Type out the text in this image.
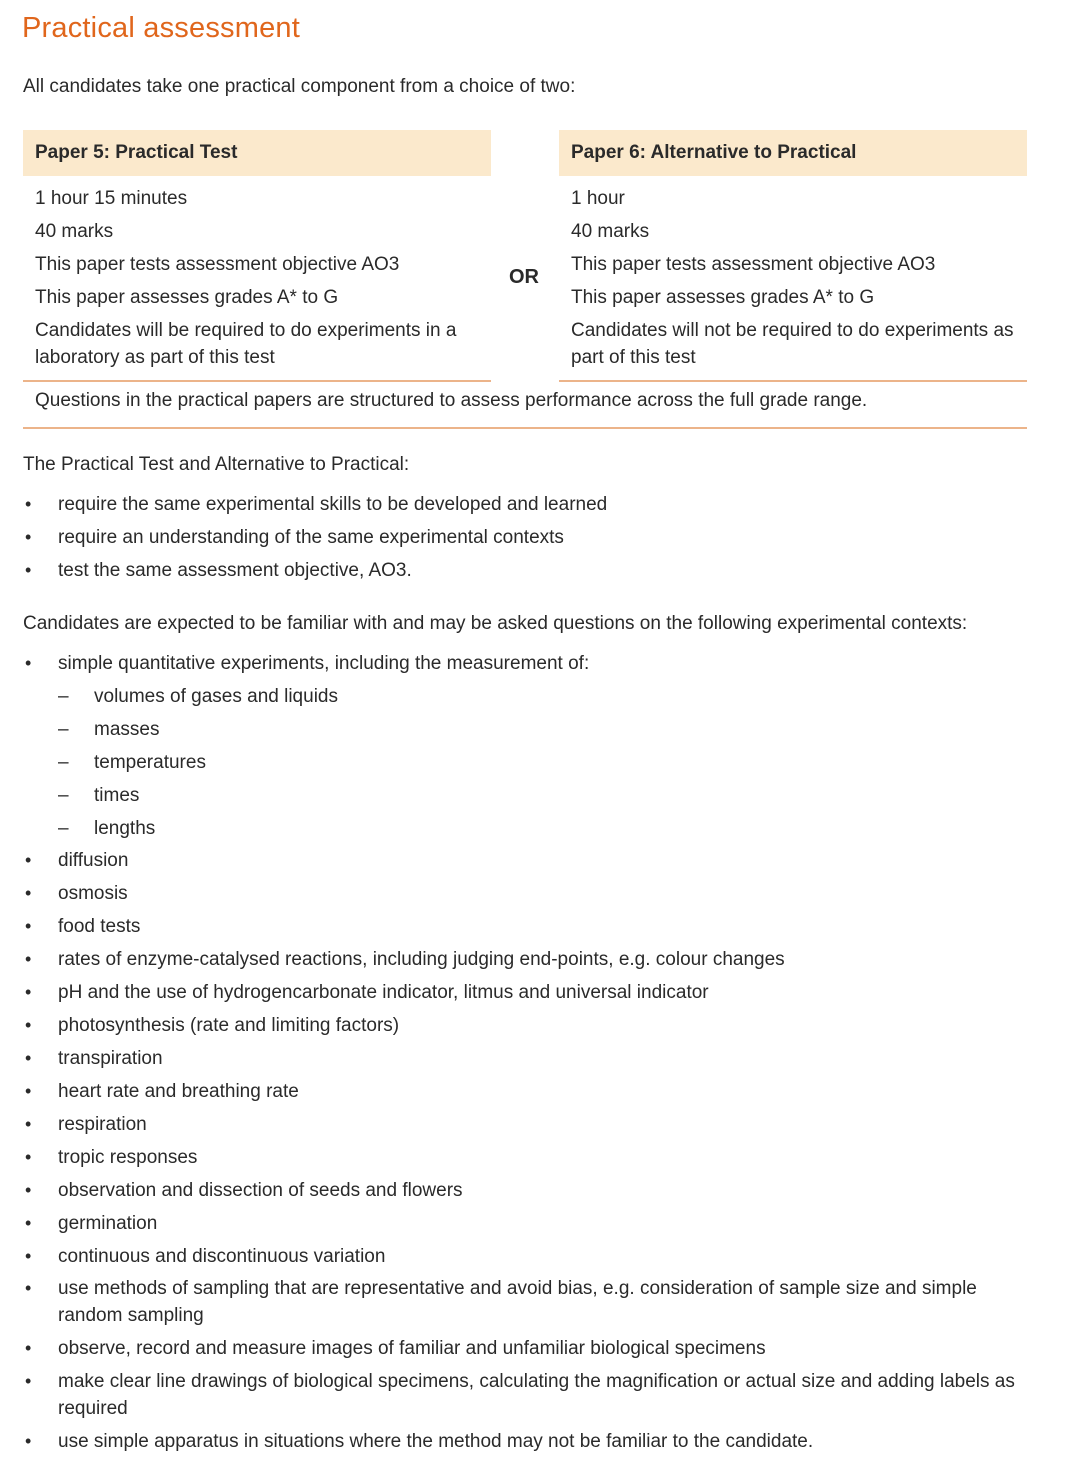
Practical assessment

All candidates take one practical component from a choice of two:

Paper 5: Practical Test
1 hour 15 minutes
40 marks
This paper tests assessment objective AO3
This paper assesses grades A* to G
Candidates will be required to do experiments in a laboratory as part of this test
OR
Paper 6: Alternative to Practical
1 hour
40 marks
This paper tests assessment objective AO3
This paper assesses grades A* to G
Candidates will not be required to do experiments as part of this test
Questions in the practical papers are structured to assess performance across the full grade range.

The Practical Test and Alternative to Practical:

• require the same experimental skills to be developed and learned
• require an understanding of the same experimental contexts
• test the same assessment objective, AO3.

Candidates are expected to be familiar with and may be asked questions on the following experimental contexts:

• simple quantitative experiments, including the measurement of:
– volumes of gases and liquids
– masses
– temperatures
– times
– lengths
• diffusion
• osmosis
• food tests
• rates of enzyme-catalysed reactions, including judging end-points, e.g. colour changes
• pH and the use of hydrogencarbonate indicator, litmus and universal indicator
• photosynthesis (rate and limiting factors)
• transpiration
• heart rate and breathing rate
• respiration
• tropic responses
• observation and dissection of seeds and flowers
• germination
• continuous and discontinuous variation
• use methods of sampling that are representative and avoid bias, e.g. consideration of sample size and simple random sampling
• observe, record and measure images of familiar and unfamiliar biological specimens
• make clear line drawings of biological specimens, calculating the magnification or actual size and adding labels as required
• use simple apparatus in situations where the method may not be familiar to the candidate.
